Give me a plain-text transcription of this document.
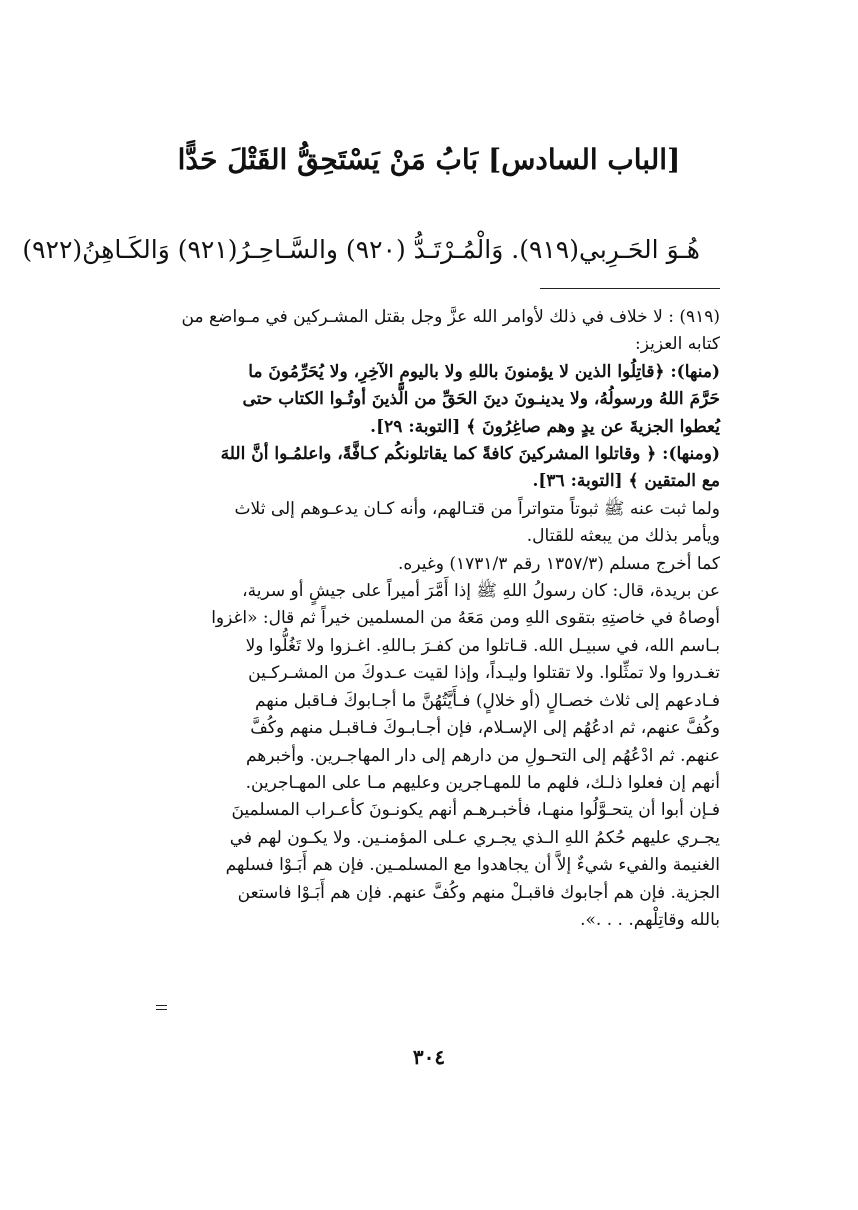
[الباب السادس] بَابُ مَنْ يَسْتَحِقُّ القَتْلَ حَدًّا
هُـوَ الحَـرِبي(٩١٩). وَالْمُـرْتَـدُّ (٩٢٠) والسَّـاحِـرُ(٩٢١) وَالكَـاهِنُ(٩٢٢)

(٩١٩) : لا خلاف في ذلك لأوامر الله عزَّ وجل بقتل المشـركين في مـواضع من

كتابه العزيز:

(منها): ﴿قاتِلُوا الذين لا يؤمنونَ باللهِ ولا باليومِ الآخِرِ، ولا يُحَرِّمُونَ ما

حَرَّمَ اللهُ ورسولُهُ، ولا يدينـونَ دينَ الحَقِّ من الَّذينَ أوتُـوا الكتاب حتى

يُعطوا الجزيةَ عن يدٍ وهم صاغِرُونَ ﴾ [التوبة: ٢٩].

(ومنها): ﴿ وقاتلوا المشركينَ كافةً كما يقاتلونكُم كـافَّةً، واعلمُـوا أنَّ اللهَ

مع المتقين ﴾ [التوبة: ٣٦].

ولما ثبت عنه ﷺ ثبوتاً متواتراً من قتـالهم، وأنه كـان يدعـوهم إلى ثلاث

ويأمر بذلك من يبعثه للقتال.

كما أخرج مسلم (١٣٥٧/٣ رقم ١٧٣١/٣) وغيره.

عن بريدة، قال: كان رسولُ اللهِ ﷺ إذا أَمَّرَ أميراً على جيشٍ أو سرية،

أوصاهُ في خاصتِهِ بتقوى اللهِ ومن مَعَهُ من المسلمين خيراً ثم قال: «اغزوا

بـاسم الله، في سبيـل الله. قـاتلوا من كفـرَ بـاللهِ. اغـزوا ولا تَغُلُّوا ولا

تغـدروا ولا تمثِّلوا. ولا تقتلوا وليـداً، وإذا لقيت عـدوكَ من المشـركـين

فـادعهم إلى ثلاث خصـالٍ (أو خلالٍ) فـأَيَّتُهُنَّ ما أجـابوكَ فـاقبل منهم

وكُفَّ عنهم، ثم ادعُهُم إلى الإسـلام، فإن أجـابـوكَ فـاقبـل منهم وكُفَّ

عنهم. ثم ادْعُهُم إلى التحـولِ من دارهم إلى دار المهاجـرين. وأخبرهم

أنهم إن فعلوا ذلـك، فلهم ما للمهـاجرين وعليهم مـا على المهـاجرين.

فـإن أبوا أن يتحـوَّلُوا منهـا، فأخبـرهـم أنهم يكونـونَ كأعـراب المسلمينَ

يجـري عليهم حُكمُ اللهِ الـذي يجـري عـلى المؤمنـين. ولا يكـون لهم في

الغنيمة والفيء شيءٌ إلاَّ أن يجاهدوا مع المسلمـين. فإن هم أَبَـوْا فسلهم

الجزية. فإن هم أجابوك فاقبـلْ منهم وكُفَّ عنهم. فإن هم أَبَـوْا فاستعن

بالله وقاتِلْهم. . . .».

٣٠٤
